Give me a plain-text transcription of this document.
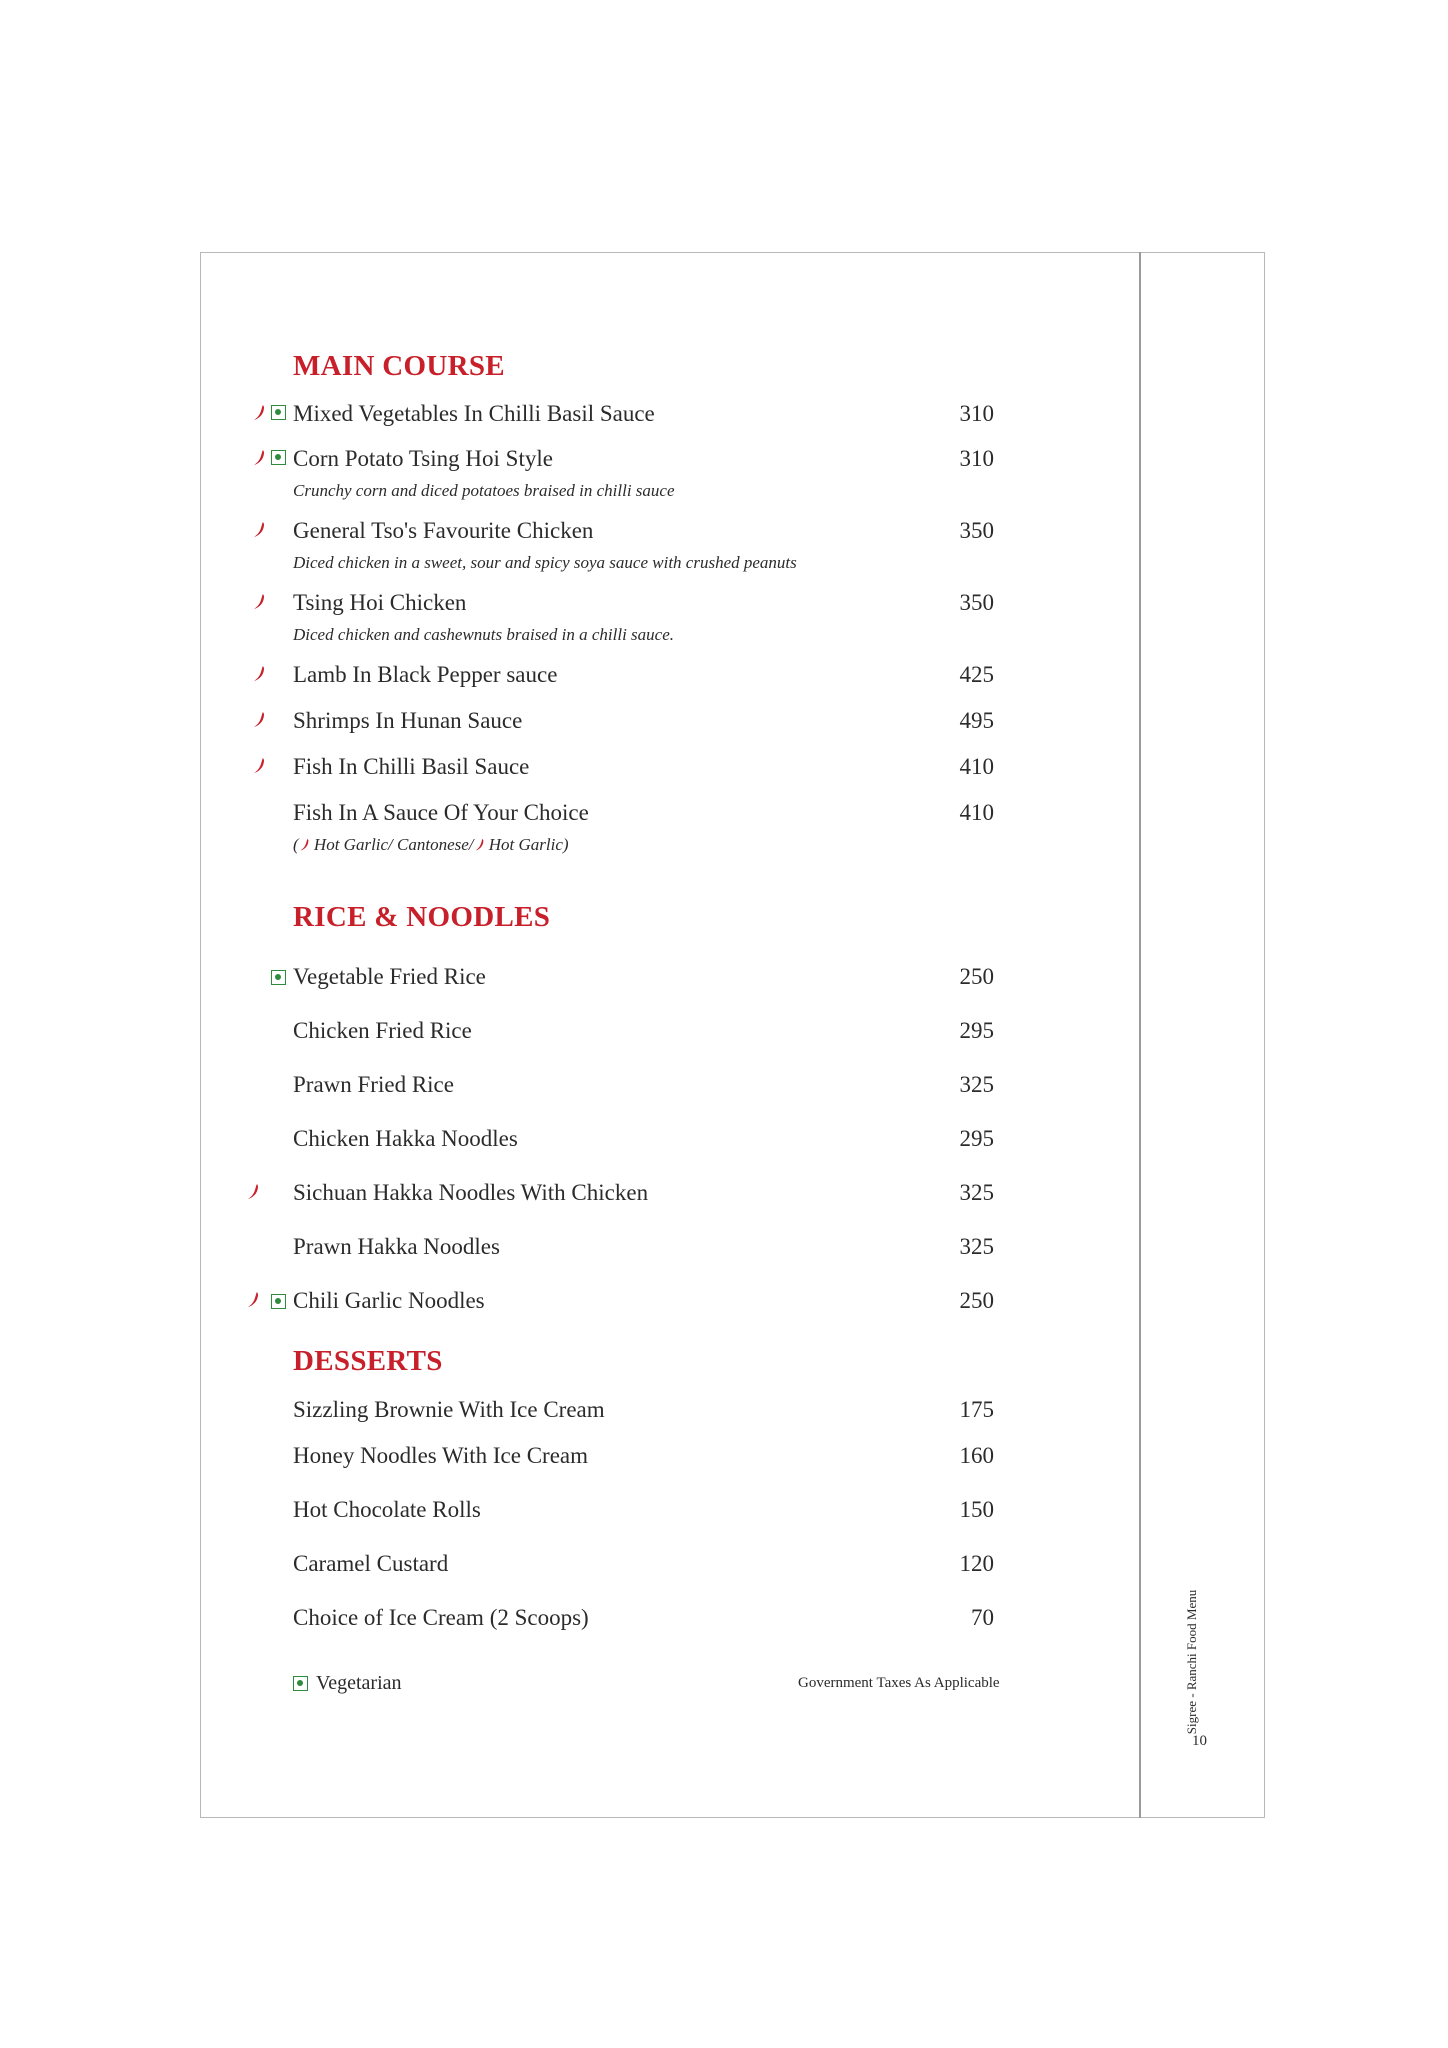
MAIN COURSE
Mixed Vegetables In Chilli Basil Sauce	310
Corn Potato Tsing Hoi Style	310
Crunchy corn and diced potatoes braised in chilli sauce
General Tso's Favourite Chicken	350
Diced chicken in a sweet, sour and spicy soya sauce with crushed peanuts
Tsing Hoi Chicken	350
Diced chicken and cashewnuts braised in a chilli sauce.
Lamb In Black Pepper sauce	425
Shrimps In Hunan Sauce	495
Fish In Chilli Basil Sauce	410
Fish In A Sauce Of Your Choice	410
( Hot Garlic/ Cantonese/ Hot Garlic)
RICE & NOODLES
Vegetable Fried Rice	250
Chicken Fried Rice	295
Prawn Fried Rice	325
Chicken Hakka Noodles	295
Sichuan Hakka Noodles With Chicken	325
Prawn Hakka Noodles	325
Chili Garlic Noodles	250
DESSERTS
Sizzling Brownie With Ice Cream	175
Honey Noodles With Ice Cream	160
Hot Chocolate Rolls	150
Caramel Custard	120
Choice of Ice Cream (2 Scoops)	70
Vegetarian	Government Taxes As Applicable	Sigree - Ranchi Food Menu
10
